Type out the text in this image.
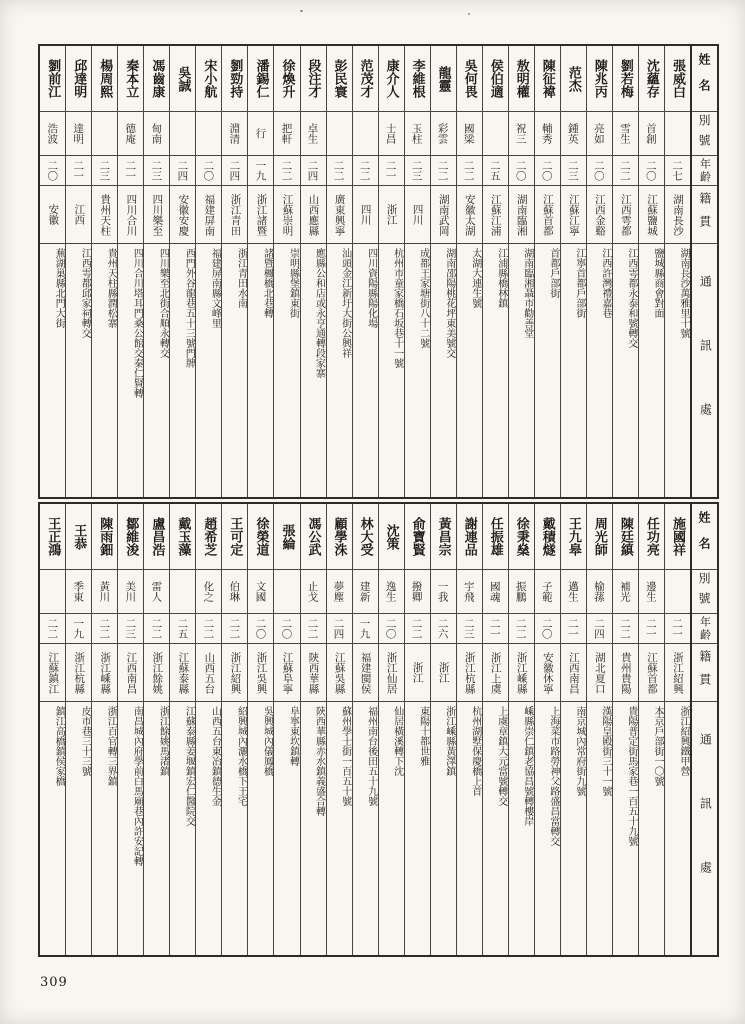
姓名
別號
年齡
籍貫
通訊處
張威白
二七
湖南長沙
湖南長沙萬雅里十號
沈蘊存
首創
二〇
江蘇鹽城
鹽城縣商會對面
劉若梅
雪生
二二
江西雩都
江西雩都永泰和號轉交
陳兆丙
亮如
二〇
江西金谿
江西許灣禮嘉巷
范杰
鍾英
二三
江蘇江寧
江寧首都戶部街
陳征褘
輔秀
二〇
江蘇首都
首都戶部街
敖明權
祝三
二〇
湖南臨湘
湖南臨湘聶市勸善堂
侯伯適
二五
江蘇江浦
江浦縣橋林鎮
吳何畏
國梁
二二
安徽太湖
太湖大連生號
龍靈
彩雲
二二
湖南武岡
湖南邵陽桃花坪東美號交
李維根
玉柱
二三
四川
成都王家塘街八十二號
康介人
士昌
二一
浙江
杭州市童家橋石坂巷十一號
范茂才
二二
四川
四川資陽縣陽化場
彭民寰
二二
廣東興寧
汕頭金江新圩大街公興祥
段注才
卓生
二四
山西應縣
應縣公和店或永亨通轉段家寨
徐煥升
把軒
二二
江蘇崇明
崇明縣堡鎮東街
潘錫仁
行
一九
浙江諸暨
諸暨楓橋北巷轉
劉勁持
淵清
二四
浙江青田
浙江青田水南
宋小航
二〇
福建屏南
福建屏南縣文峰里
吳誠
二四
安徽安慶
西門外谷龍巷五十三號門牌
馮齒康
甸南
二三
四川樂至
四川樂至北街合順永轉交
秦本立
德庵
二一
四川合川
四川合川塔耳門桑公館交秦仁賢轉
楊周熙
二三
貴州天柱
貴州天柱縣潤松寨
邱達明
達明
二一
江西
江西雩都邱家祠轉交
劉前江
浩波
二〇
安徽
蕪湖巢縣北門大街
姓名
別號
年齡
籍貫
通訊處
施國祥
二一
浙江紹興
浙江紹興鐵甲營
任功亮
邊生
二一
江蘇首都
本京戶部街一〇號
陳廷縝
補光
二二
貴州貴陽
貴陽普定街馬家巷一百五十九號
周光師
榆蓀
二四
湖北夏口
漢陽皇殿街三十一號
王九皋
邁生
二一
江西南昌
南京城內常府街九號
戴積燧
子範
二〇
安徽休寧
上海菜市路勞神父路盛昌當轉交
徐秉燊
振鵬
二二
浙江嵊縣
嵊縣崇仁鎮老協昌號轉樓岸
任振雄
國魂
二一
浙江上虞
上虞章鎮大元當號轉交
謝連品
宇飛
二三
浙江杭縣
杭州湖墅保慶橋上首
黃昌宗
一我
二六
浙江
浙江嵊縣黃澤鎮
俞寶賢
撥卿
二二
浙江
東陽十都世雅
沈策
逸生
二〇
浙江仙居
仙居橫溪轉下沈
林大受
建新
一九
福建閩侯
福州南台後田五十九號
顧學洙
夢塵
二四
江蘇吳縣
蘇州學士街一百五十號
馮公武
止戈
二二
陝西華縣
陝西華縣赤水鎮義盛合轉
張綸
二〇
江蘇阜寧
阜寧東坎鎮轉
徐榮道
文國
二〇
浙江吳興
吳興城內儀鳳橋
王可定
伯琳
二二
浙江紹興
紹興城內灑水橋下王宅
趙希芝
化之
二二
山西五台
山西五台東冶鎮德生金
戴玉藻
二五
江蘇泰縣
江蘇泰縣姜堰鎮宏仁醫院交
盧昌浩
雷人
二二
浙江餘姚
浙江餘姚馬渚鎮
鄒維浚
美川
二三
江西南昌
南昌城內府學前白馬廟巷內許安記轉
陳雨鈿
黃川
二二
浙江嵊縣
浙江百官轉三界鎮
王恭
季東
一九
浙江杭縣
皮市巷三十三號
王正鴻
二二
江蘇鎮江
鎮江高橋鎮侯家橋
309
